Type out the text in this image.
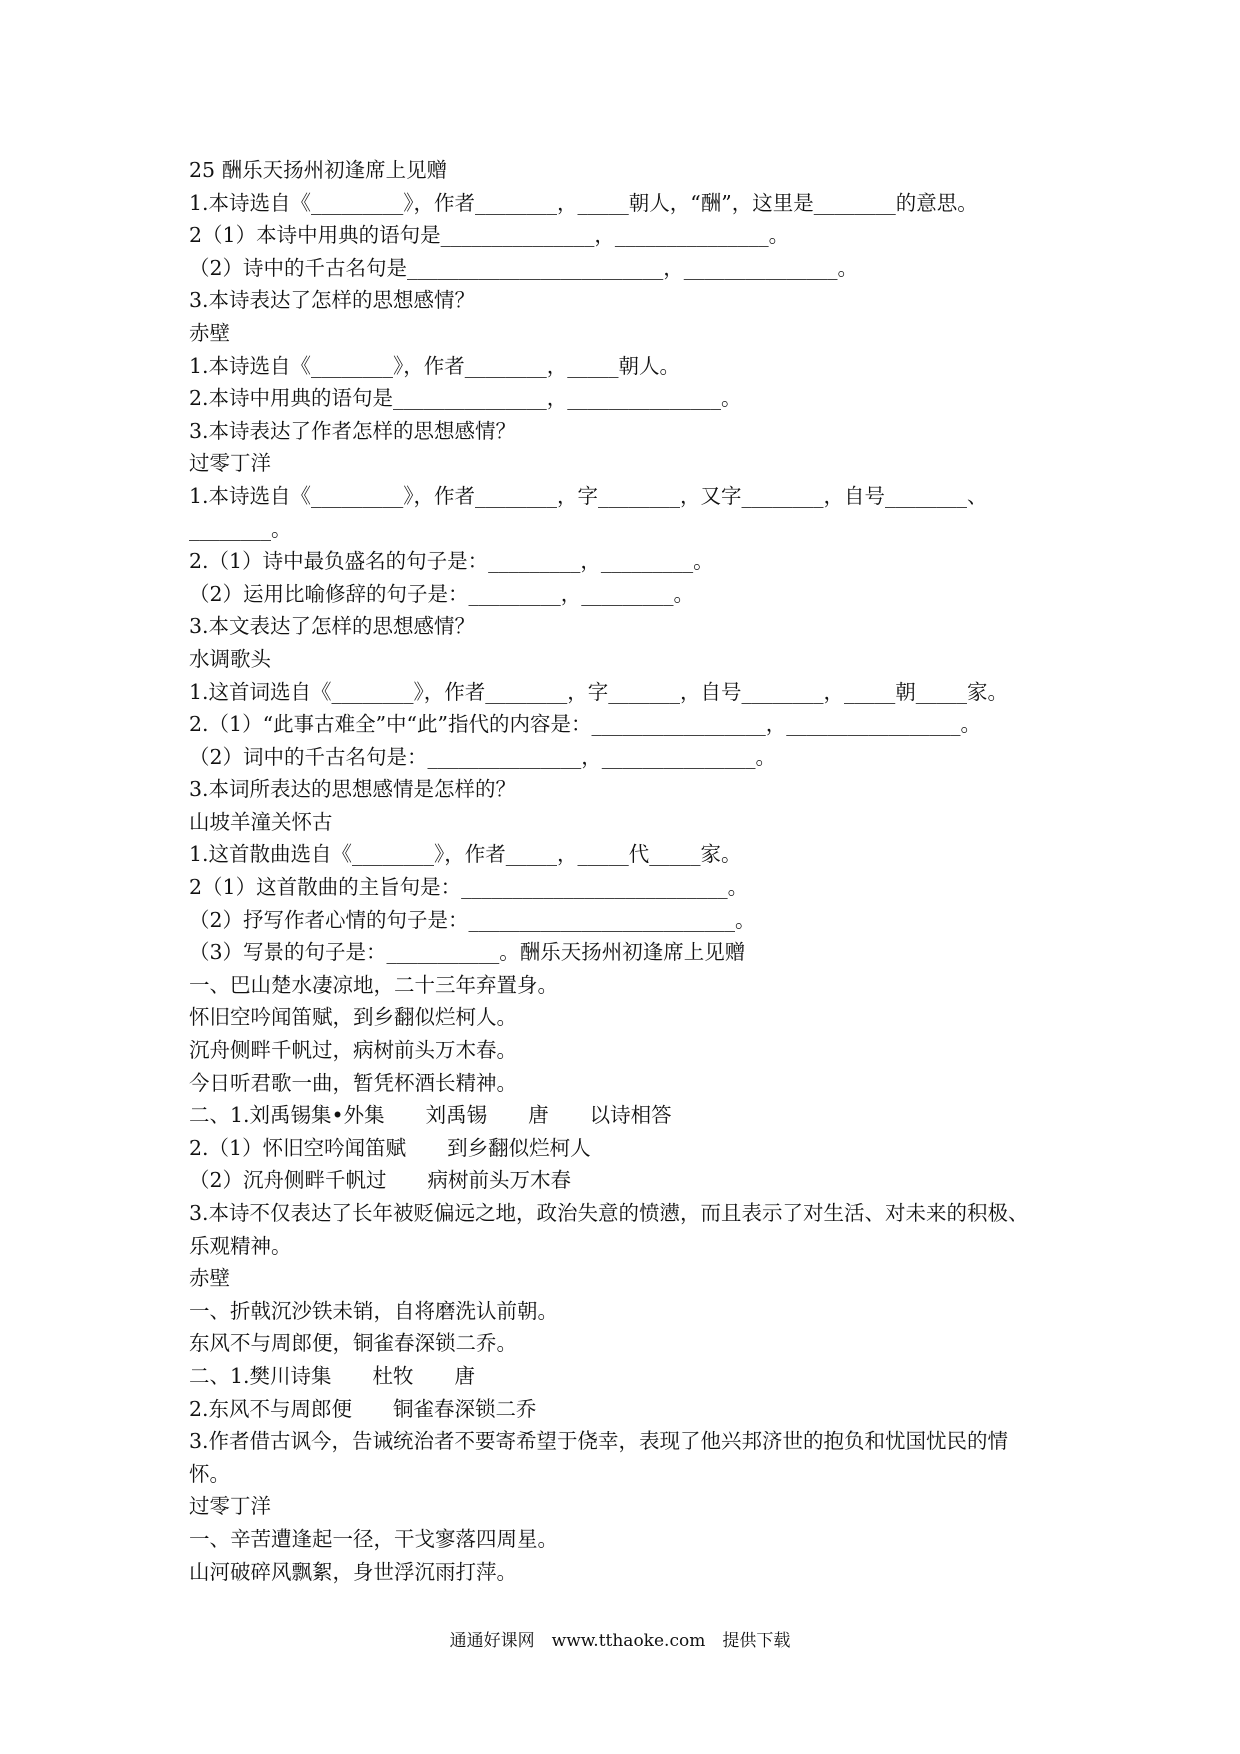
25 酬乐天扬州初逢席上见赠
1.本诗选自《_________》，作者________，_____朝人，“酬”，这里是________的意思。
2（1）本诗中用典的语句是_______________，_______________。
（2）诗中的千古名句是_________________________，_______________。
3.本诗表达了怎样的思想感情？
赤壁
1.本诗选自《________》，作者________，_____朝人。
2.本诗中用典的语句是_______________，_______________。
3.本诗表达了作者怎样的思想感情？
过零丁洋
1.本诗选自《_________》，作者________，字________，又字________，自号________、
________。
2.（1）诗中最负盛名的句子是：_________，_________。
（2）运用比喻修辞的句子是：_________，_________。
3.本文表达了怎样的思想感情？
水调歌头
1.这首词选自《________》，作者________，字_______，自号________，_____朝_____家。
2.（1）“此事古难全”中“此”指代的内容是：_________________，_________________。
（2）词中的千古名句是：_______________，_______________。
3.本词所表达的思想感情是怎样的？
山坡羊潼关怀古
1.这首散曲选自《________》，作者_____，_____代_____家。
2（1）这首散曲的主旨句是：__________________________。
（2）抒写作者心情的句子是：__________________________。
（3）写景的句子是：___________。酬乐天扬州初逢席上见赠
一、巴山楚水凄凉地，二十三年弃置身。
怀旧空吟闻笛赋，到乡翻似烂柯人。
沉舟侧畔千帆过，病树前头万木春。
今日听君歌一曲，暂凭杯酒长精神。
二、1.刘禹锡集•外集　　刘禹锡　　唐　　以诗相答
2.（1）怀旧空吟闻笛赋　　到乡翻似烂柯人
（2）沉舟侧畔千帆过　　病树前头万木春
3.本诗不仅表达了长年被贬偏远之地，政治失意的愤懑，而且表示了对生活、对未来的积极、
乐观精神。
赤壁
一、折戟沉沙铁未销，自将磨洗认前朝。
东风不与周郎便，铜雀春深锁二乔。
二、1.樊川诗集　　杜牧　　唐
2.东风不与周郎便　　铜雀春深锁二乔
3.作者借古讽今，告诫统治者不要寄希望于侥幸，表现了他兴邦济世的抱负和忧国忧民的情
怀。
过零丁洋
一、辛苦遭逢起一径，干戈寥落四周星。
山河破碎风飘絮，身世浮沉雨打萍。
通通好课网　www.tthaoke.com　提供下载
